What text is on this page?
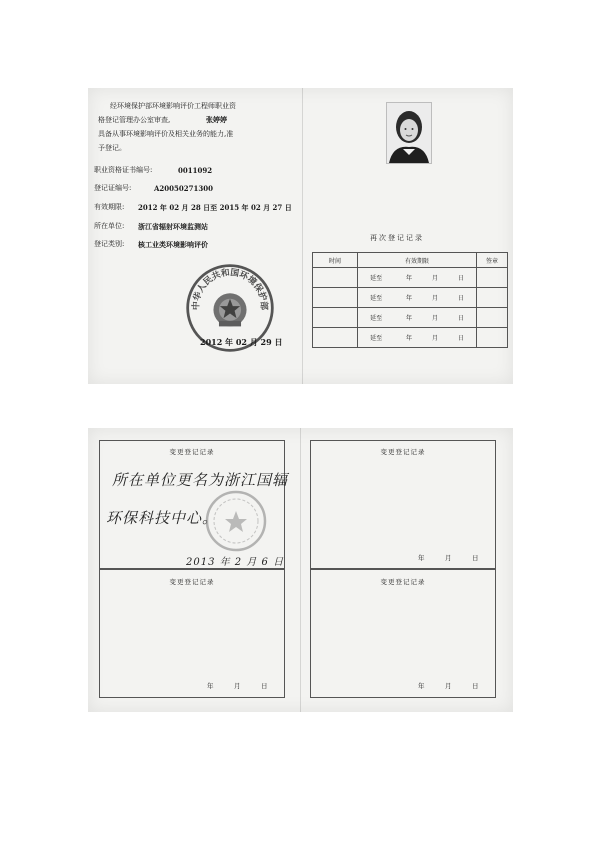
经环境保护部环境影响评价工程师职业资
格登记管理办公室审查,	张婷婷
具备从事环境影响评价及相关业务的能力,准
予登记。
职业资格证书编号:	0011092
登记证编号:	A20050271300
有效期限: 2012 年 02 月 28 日至 2015 年 02 月 27 日
所在单位: 浙江省辐射环境监测站
登记类别: 核工业类环境影响评价
中华人民共和国环境保护部
2012 年 02 月 29 日
再次登记记录
时间	有效期限	签章
	延至 年 月 日	
	延至 年 月 日	
	延至 年 月 日	
	延至 年 月 日	
变更登记记录
所在单位更名为浙江国辐
环保科技中心。
2013 年 2 月 6 日
变更登记记录
年	月	日
变更登记记录
年	月	日
变更登记记录
年	月	日
